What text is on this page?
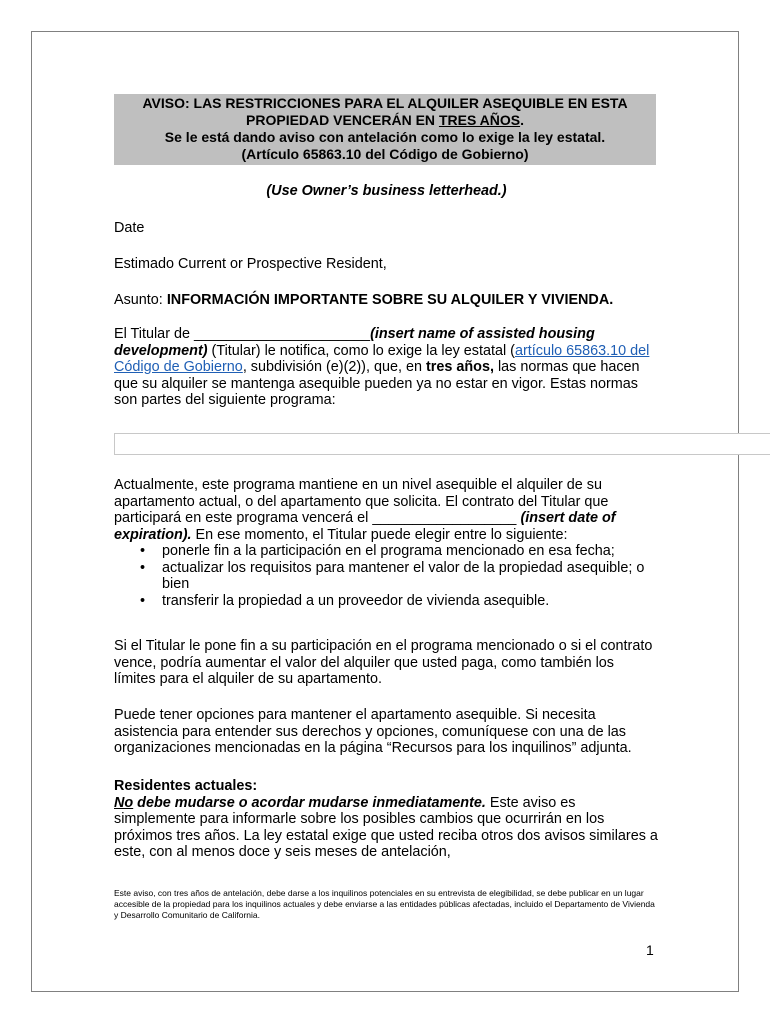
AVISO: LAS RESTRICCIONES PARA EL ALQUILER ASEQUIBLE EN ESTA
PROPIEDAD VENCERÁN EN TRES AÑOS.
Se le está dando aviso con antelación como lo exige la ley estatal.
(Artículo 65863.10 del Código de Gobierno)
(Use Owner’s business letterhead.)
Date
Estimado Current or Prospective Resident,
Asunto: INFORMACIÓN IMPORTANTE SOBRE SU ALQUILER Y VIVIENDA.
El Titular de ______________________(insert name of assisted housing development) (Titular) le notifica, como lo exige la ley estatal (artículo 65863.10 del Código de Gobierno, subdivisión (e)(2)), que, en tres años, las normas que hacen que su alquiler se mantenga asequible pueden ya no estar en vigor. Estas normas son partes del siguiente programa:
Actualmente, este programa mantiene en un nivel asequible el alquiler de su apartamento actual, o del apartamento que solicita. El contrato del Titular que participará en este programa vencerá el __________________ (insert date of expiration). En ese momento, el Titular puede elegir entre lo siguiente:
• ponerle fin a la participación en el programa mencionado en esa fecha;
• actualizar los requisitos para mantener el valor de la propiedad asequible; o bien
• transferir la propiedad a un proveedor de vivienda asequible.
Si el Titular le pone fin a su participación en el programa mencionado o si el contrato vence, podría aumentar el valor del alquiler que usted paga, como también los límites para el alquiler de su apartamento.
Puede tener opciones para mantener el apartamento asequible. Si necesita asistencia para entender sus derechos y opciones, comuníquese con una de las organizaciones mencionadas en la página “Recursos para los inquilinos” adjunta.
Residentes actuales:
No debe mudarse o acordar mudarse inmediatamente. Este aviso es simplemente para informarle sobre los posibles cambios que ocurrirán en los próximos tres años. La ley estatal exige que usted reciba otros dos avisos similares a este, con al menos doce y seis meses de antelación,
Este aviso, con tres años de antelación, debe darse a los inquilinos potenciales en su entrevista de elegibilidad, se debe publicar en un lugar accesible de la propiedad para los inquilinos actuales y debe enviarse a las entidades públicas afectadas, incluido el Departamento de Vivienda y Desarrollo Comunitario de California.
1
